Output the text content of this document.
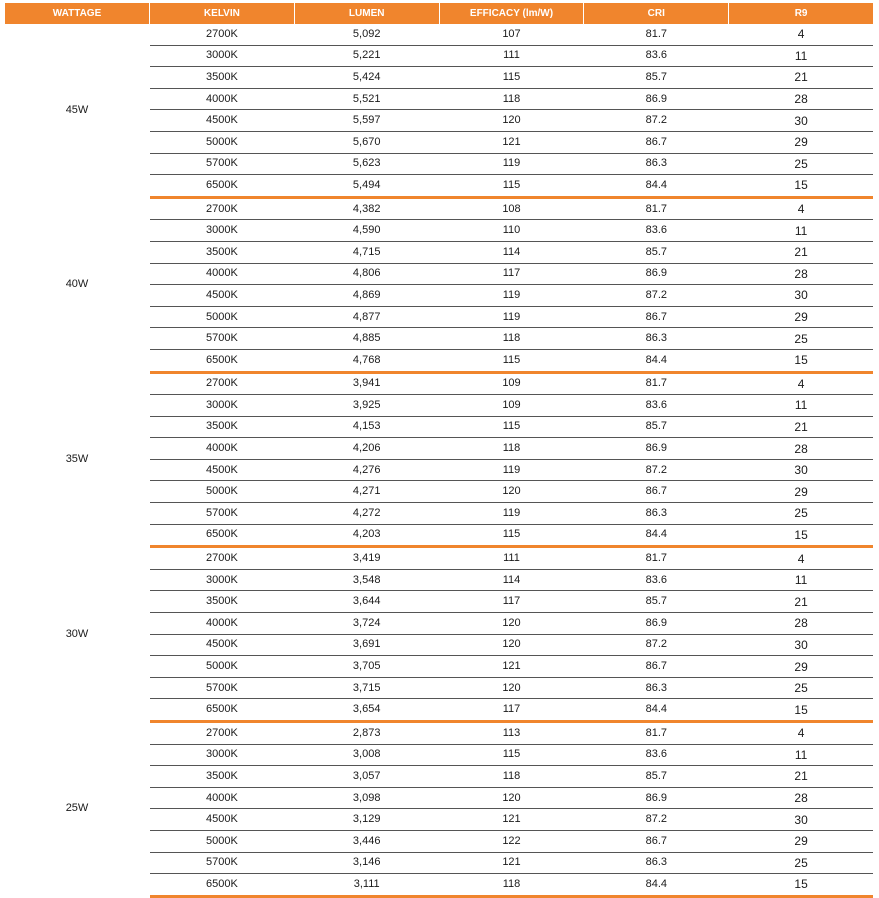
WATTAGE	KELVIN	LUMEN	EFFICACY (lm/W)	CRI	R9
45W	2700K	5,092	107	81.7	4
	3000K	5,221	111	83.6	11
	3500K	5,424	115	85.7	21
	4000K	5,521	118	86.9	28
	4500K	5,597	120	87.2	30
	5000K	5,670	121	86.7	29
	5700K	5,623	119	86.3	25
	6500K	5,494	115	84.4	15
40W	2700K	4,382	108	81.7	4
	3000K	4,590	110	83.6	11
	3500K	4,715	114	85.7	21
	4000K	4,806	117	86.9	28
	4500K	4,869	119	87.2	30
	5000K	4,877	119	86.7	29
	5700K	4,885	118	86.3	25
	6500K	4,768	115	84.4	15
35W	2700K	3,941	109	81.7	4
	3000K	3,925	109	83.6	11
	3500K	4,153	115	85.7	21
	4000K	4,206	118	86.9	28
	4500K	4,276	119	87.2	30
	5000K	4,271	120	86.7	29
	5700K	4,272	119	86.3	25
	6500K	4,203	115	84.4	15
30W	2700K	3,419	111	81.7	4
	3000K	3,548	114	83.6	11
	3500K	3,644	117	85.7	21
	4000K	3,724	120	86.9	28
	4500K	3,691	120	87.2	30
	5000K	3,705	121	86.7	29
	5700K	3,715	120	86.3	25
	6500K	3,654	117	84.4	15
25W	2700K	2,873	113	81.7	4
	3000K	3,008	115	83.6	11
	3500K	3,057	118	85.7	21
	4000K	3,098	120	86.9	28
	4500K	3,129	121	87.2	30
	5000K	3,446	122	86.7	29
	5700K	3,146	121	86.3	25
	6500K	3,111	118	84.4	15
